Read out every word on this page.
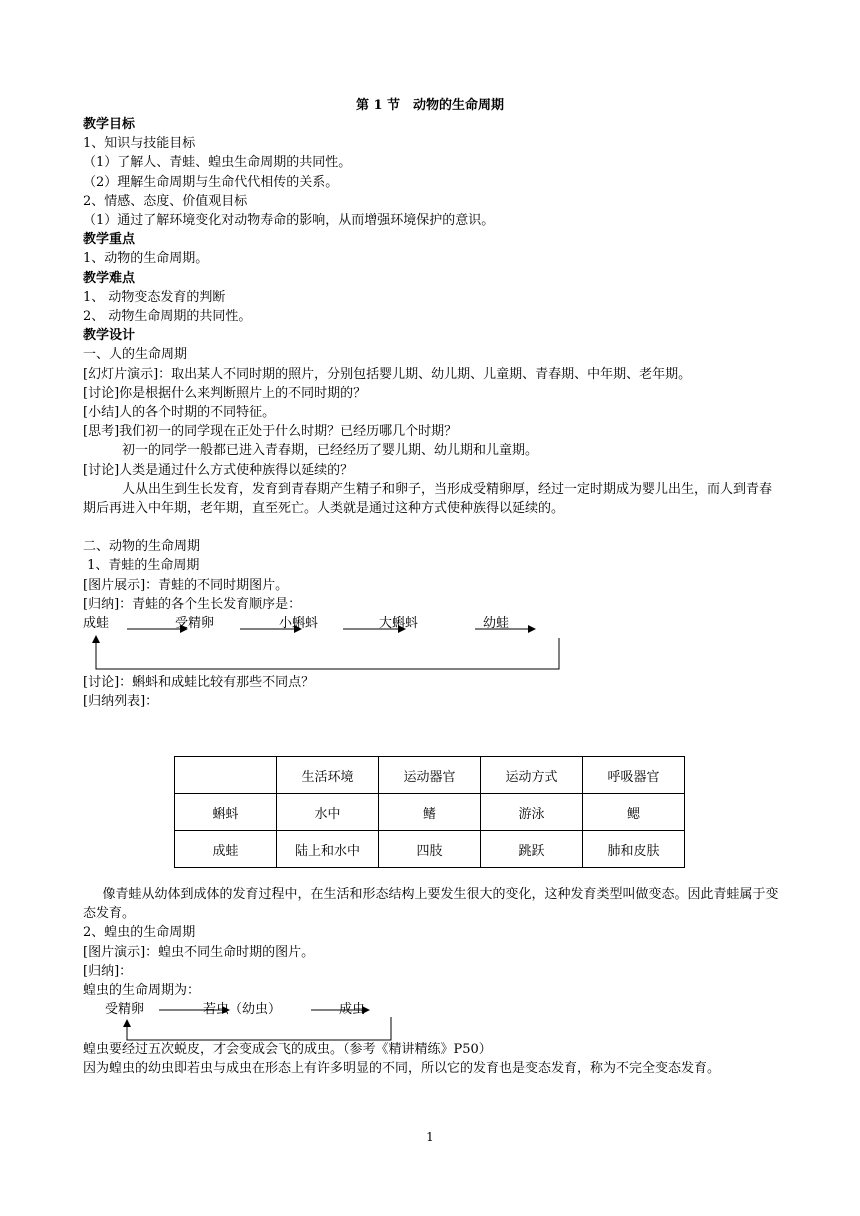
第 1 节　动物的生命周期

教学目标

1、知识与技能目标

（1）了解人、青蛙、蝗虫生命周期的共同性。

（2）理解生命周期与生命代代相传的关系。

2、情感、态度、价值观目标

（1）通过了解环境变化对动物寿命的影响，从而增强环境保护的意识。

教学重点

1、动物的生命周期。

教学难点

1、 动物变态发育的判断

2、 动物生命周期的共同性。

教学设计

一、人的生命周期

[幻灯片演示]：取出某人不同时期的照片，分别包括婴儿期、幼儿期、儿童期、青春期、中年期、老年期。

[讨论]你是根据什么来判断照片上的不同时期的？

[小结]人的各个时期的不同特征。

[思考]我们初一的同学现在正处于什么时期？已经历哪几个时期？

初一的同学一般都已进入青春期，已经经历了婴儿期、幼儿期和儿童期。

[讨论]人类是通过什么方式使种族得以延续的？

人从出生到生长发育，发育到青春期产生精子和卵子，当形成受精卵厚，经过一定时期成为婴儿出生，而人到青春期后再进入中年期，老年期，直至死亡。人类就是通过这种方式使种族得以延续的。

二、动物的生命周期

1、青蛙的生命周期

[图片展示]：青蛙的不同时期图片。

[归纳]：青蛙的各个生长发育顺序是：

成蛙	受精卵	小蝌蚪	大蝌蚪	幼蛙

[讨论]：蝌蚪和成蛙比较有那些不同点？

[归纳列表]：

	生活环境	运动器官	运动方式	呼吸器官
蝌蚪	水中	鳍	游泳	鳃
成蛙	陆上和水中	四肢	跳跃	肺和皮肤

像青蛙从幼体到成体的发育过程中，在生活和形态结构上要发生很大的变化，这种发育类型叫做变态。因此青蛙属于变态发育。

2、蝗虫的生命周期

[图片演示]：蝗虫不同生命时期的图片。

[归纳]：

蝗虫的生命周期为：

受精卵	若虫（幼虫）	成虫

蝗虫要经过五次蜕皮，才会变成会飞的成虫。（参考《精讲精练》P50）

因为蝗虫的幼虫即若虫与成虫在形态上有许多明显的不同，所以它的发育也是变态发育，称为不完全变态发育。

1
